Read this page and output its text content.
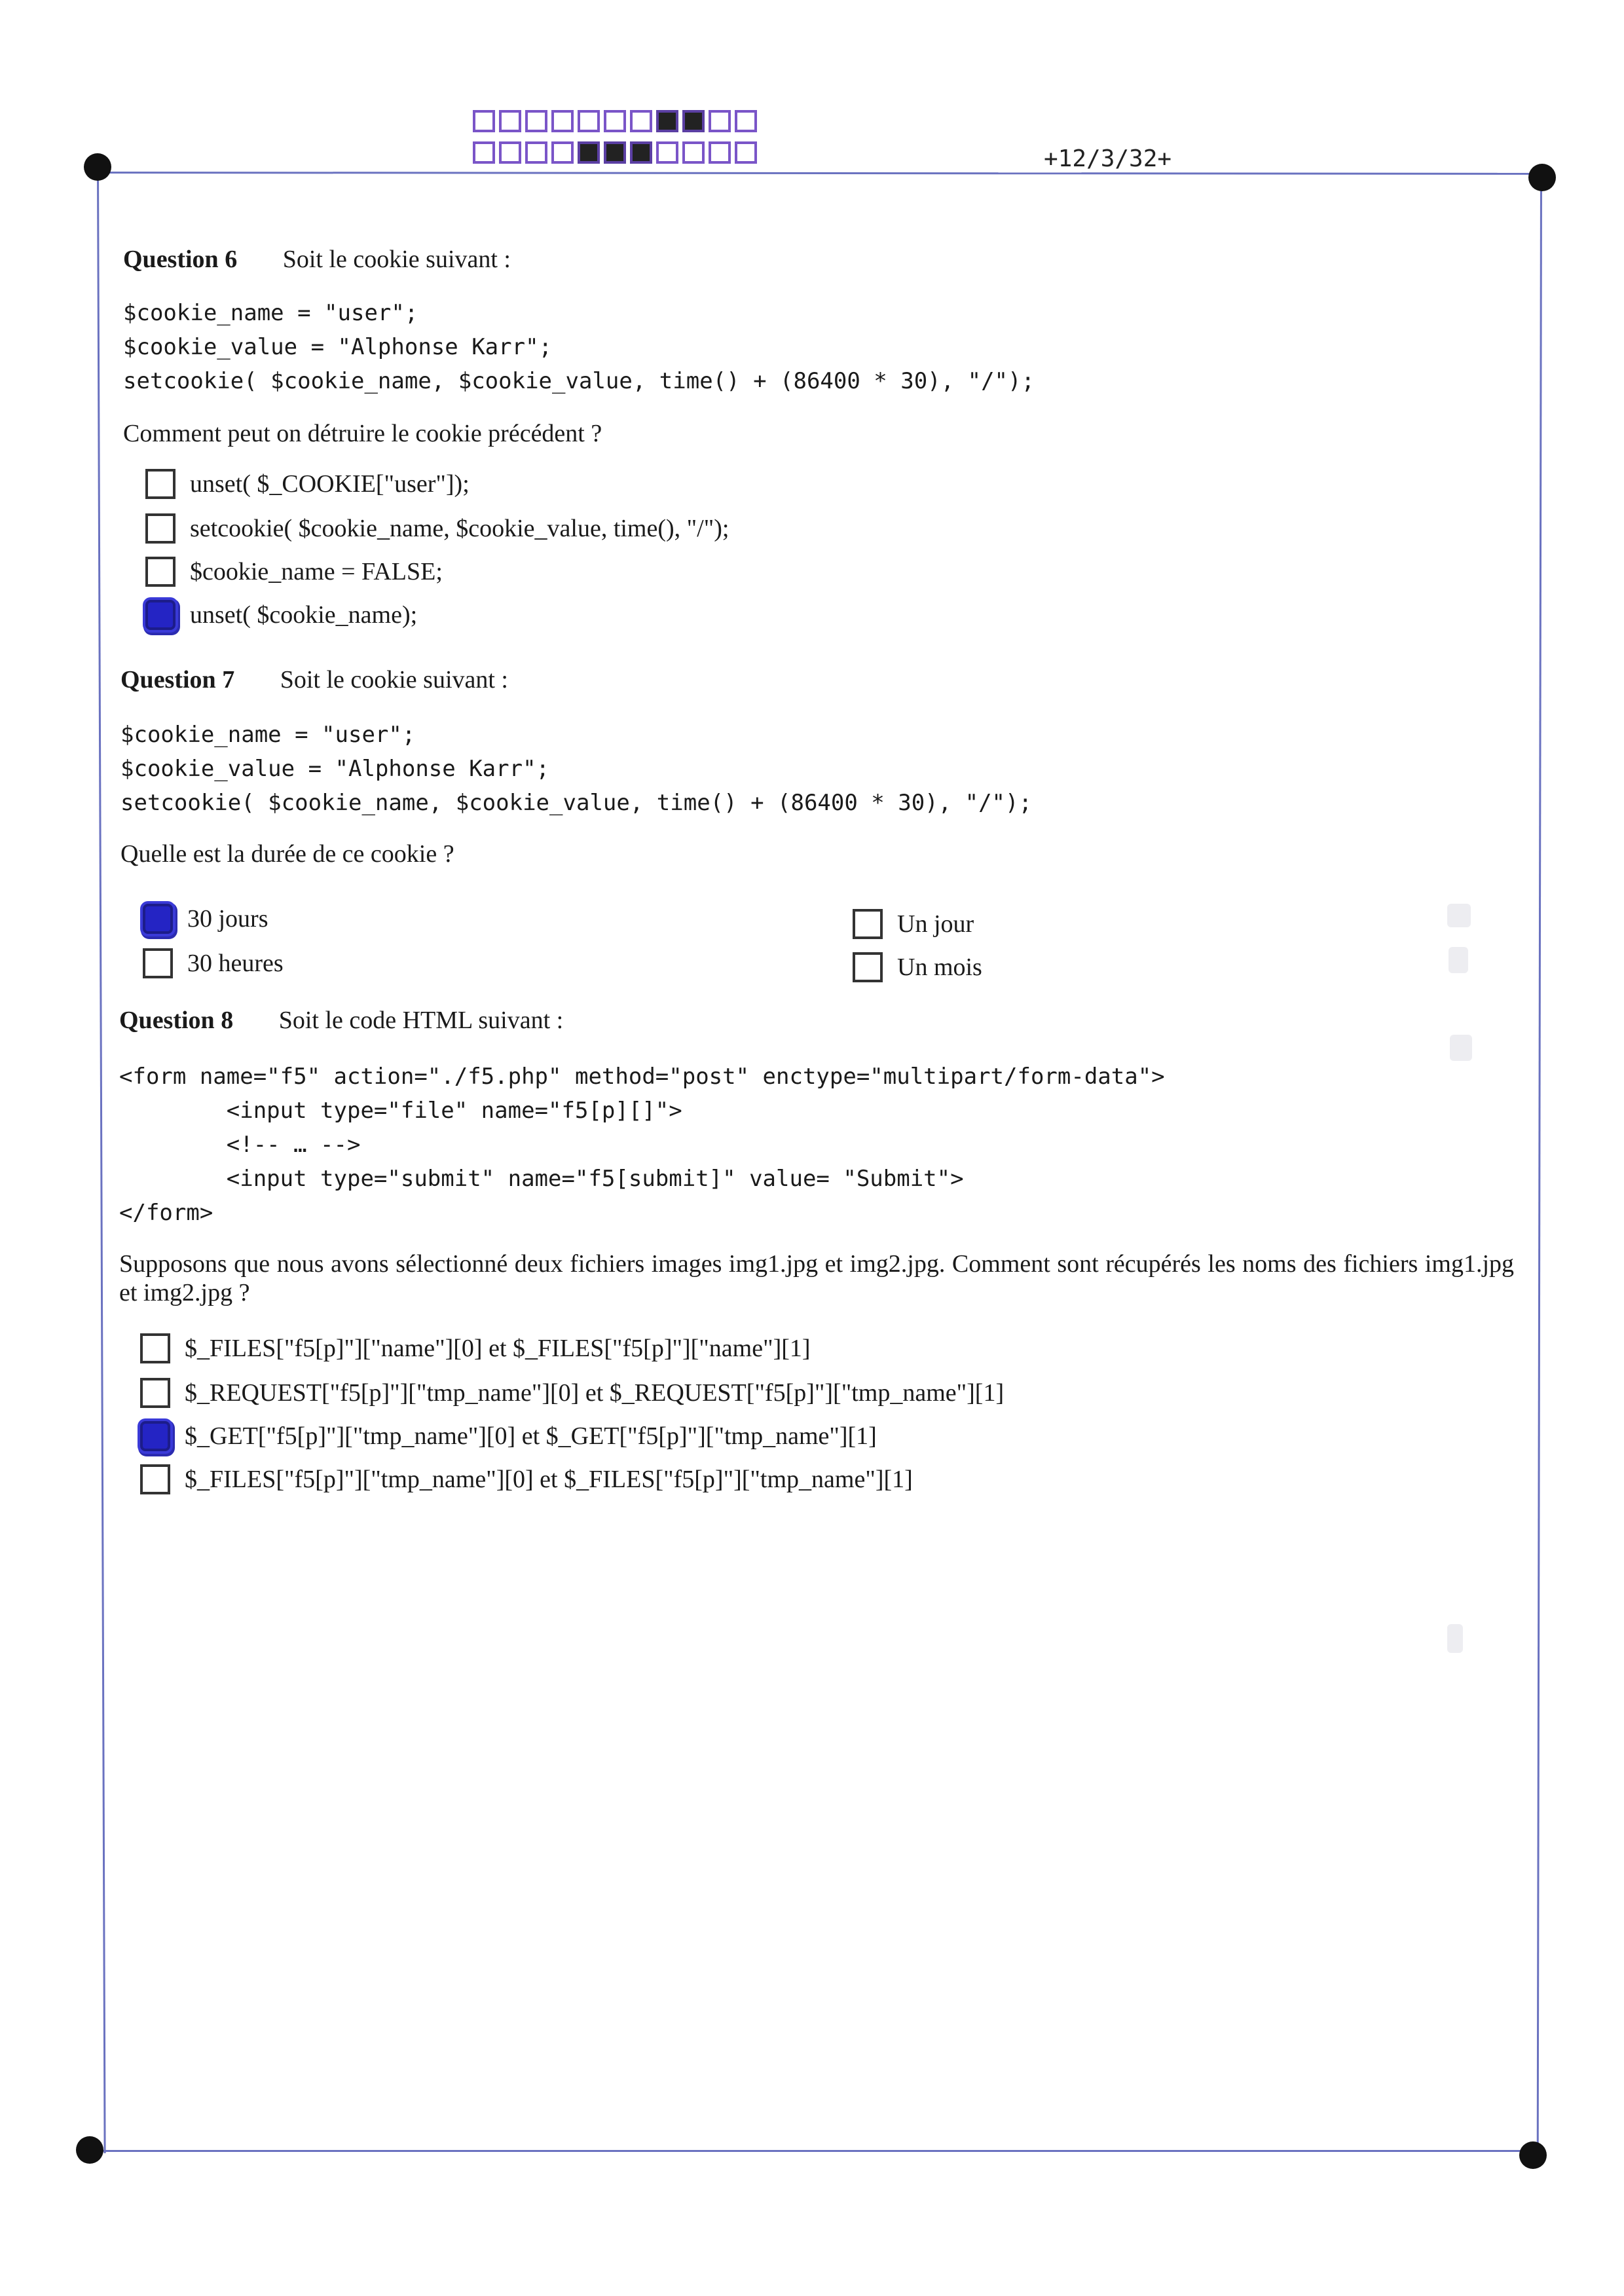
+12/3/32+
Question 6 Soit le cookie suivant :
$cookie_name = "user";
$cookie_value = "Alphonse Karr";
setcookie( $cookie_name, $cookie_value, time() + (86400 * 30), "/");
Comment peut on détruire le cookie précédent ?
unset( $_COOKIE["user"]);
setcookie( $cookie_name, $cookie_value, time(), "/");
$cookie_name = FALSE;
unset( $cookie_name);
Question 7 Soit le cookie suivant :
$cookie_name = "user";
$cookie_value = "Alphonse Karr";
setcookie( $cookie_name, $cookie_value, time() + (86400 * 30), "/");
Quelle est la durée de ce cookie ?
30 jours
30 heures
Un jour
Un mois
Question 8 Soit le code HTML suivant :
<form name="f5" action="./f5.php" method="post" enctype="multipart/form-data">
<input type="file" name="f5[p][]">
<!-- … -->
<input type="submit" name="f5[submit]" value= "Submit">
</form>
Supposons que nous avons sélectionné deux fichiers images img1.jpg et img2.jpg. Comment sont récupérés les noms des fichiers img1.jpg et img2.jpg ?
$_FILES["f5[p]"]["name"][0] et $_FILES["f5[p]"]["name"][1]
$_REQUEST["f5[p]"]["tmp_name"][0] et $_REQUEST["f5[p]"]["tmp_name"][1]
$_GET["f5[p]"]["tmp_name"][0] et $_GET["f5[p]"]["tmp_name"][1]
$_FILES["f5[p]"]["tmp_name"][0] et $_FILES["f5[p]"]["tmp_name"][1]
